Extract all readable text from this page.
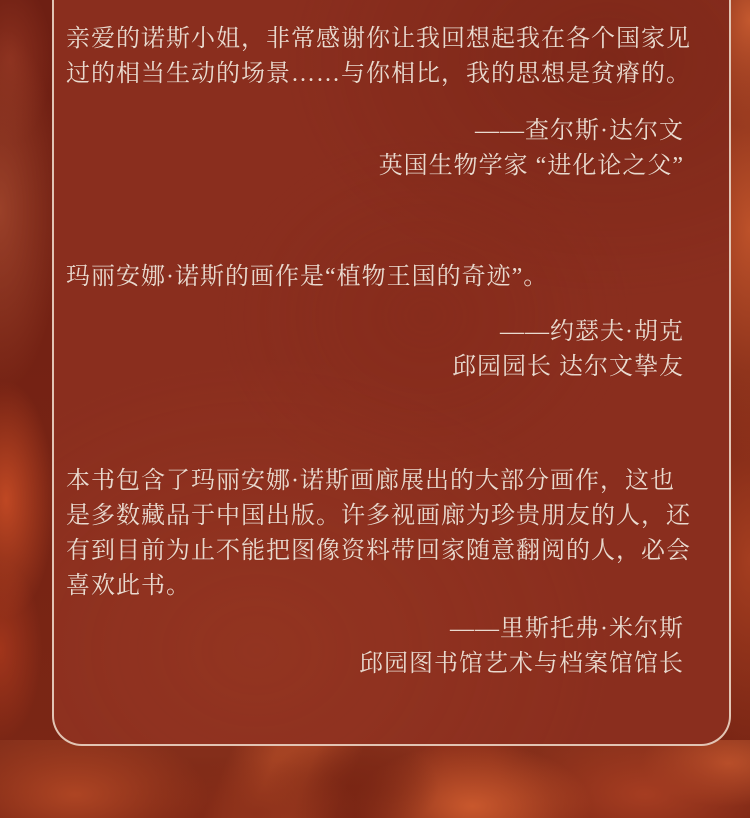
亲爱的诺斯小姐，非常感谢你让我回想起我在各个国家见
过的相当生动的场景……与你相比，我的思想是贫瘠的。
——查尔斯·达尔文
英国生物学家 “进化论之父”
玛丽安娜·诺斯的画作是“植物王国的奇迹”。
——约瑟夫·胡克
邱园园长 达尔文挚友
本书包含了玛丽安娜·诺斯画廊展出的大部分画作，这也
是多数藏品于中国出版。许多视画廊为珍贵朋友的人，还
有到目前为止不能把图像资料带回家随意翻阅的人，必会
喜欢此书。
——里斯托弗·米尔斯
邱园图书馆艺术与档案馆馆长
